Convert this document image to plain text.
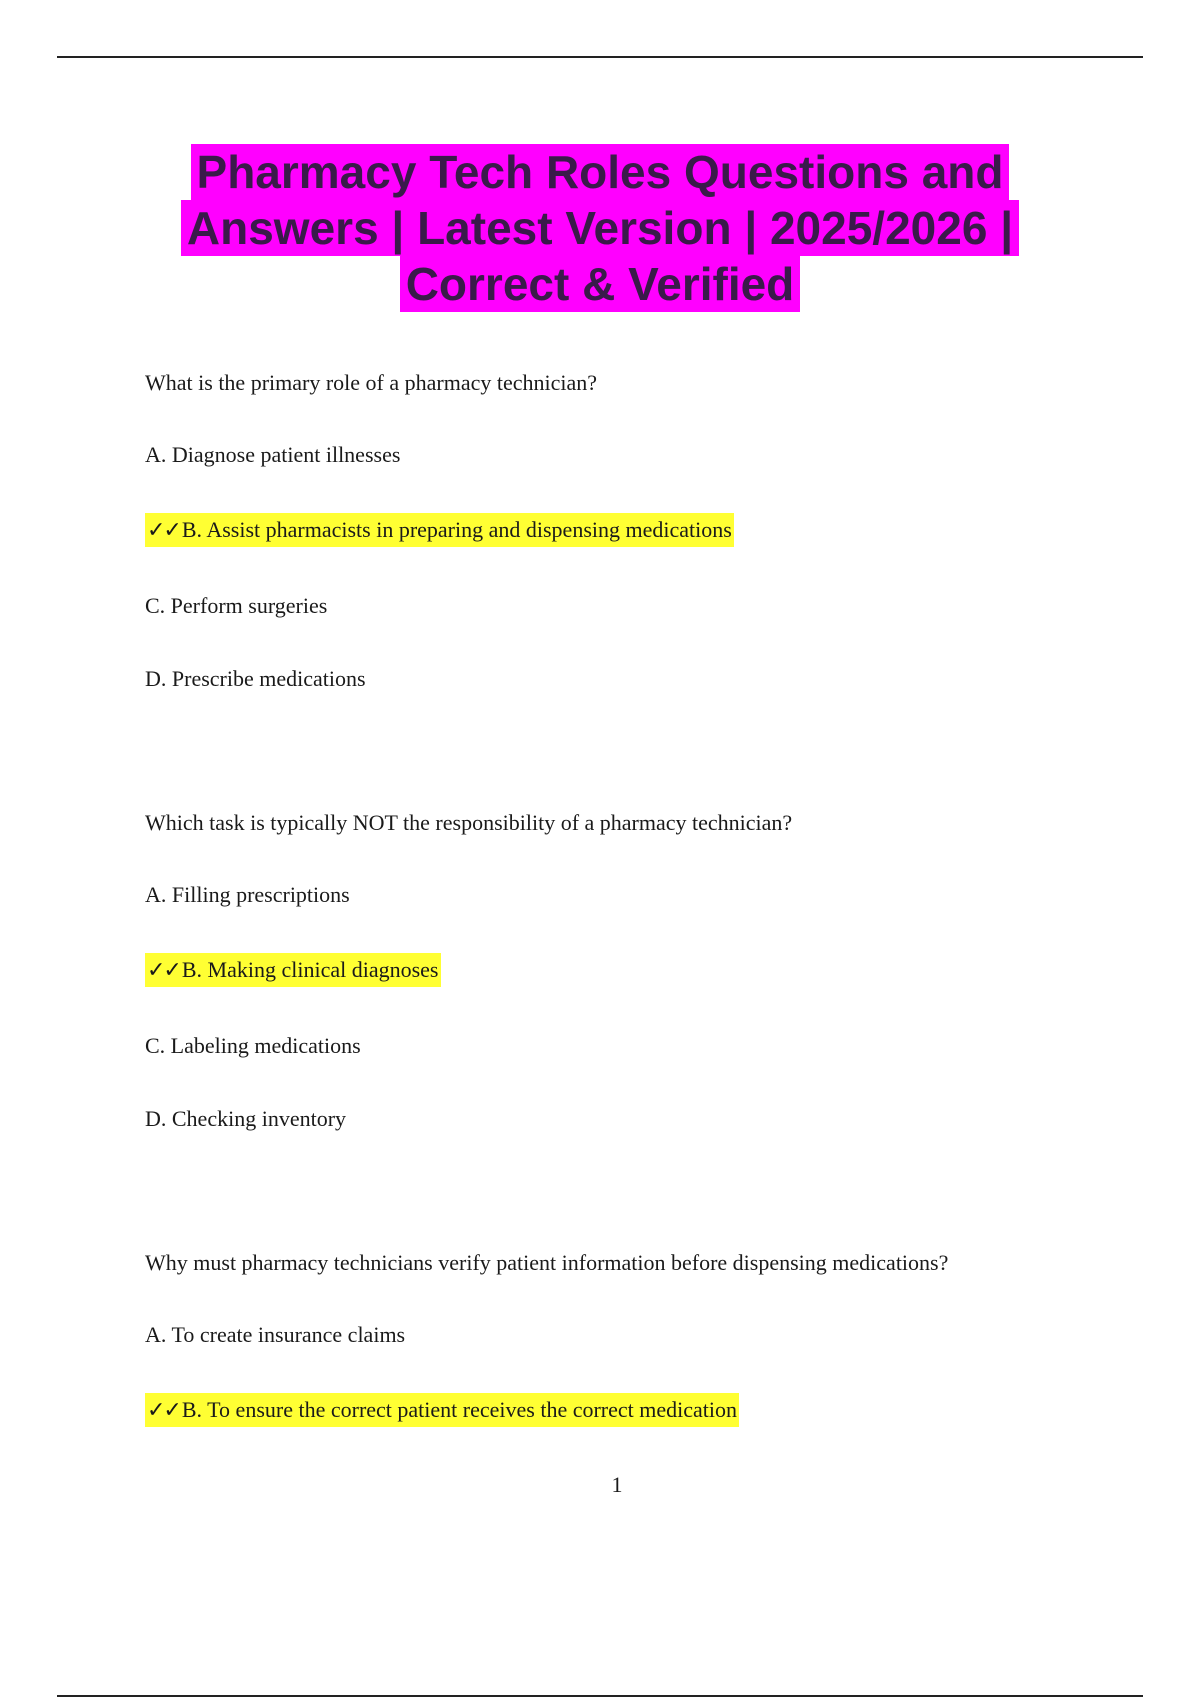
Pharmacy Tech Roles Questions and
Answers | Latest Version | 2025/2026 |
Correct & Verified
What is the primary role of a pharmacy technician?
A. Diagnose patient illnesses
✓✓B. Assist pharmacists in preparing and dispensing medications
C. Perform surgeries
D. Prescribe medications
Which task is typically NOT the responsibility of a pharmacy technician?
A. Filling prescriptions
✓✓B. Making clinical diagnoses
C. Labeling medications
D. Checking inventory
Why must pharmacy technicians verify patient information before dispensing medications?
A. To create insurance claims
✓✓B. To ensure the correct patient receives the correct medication
1
